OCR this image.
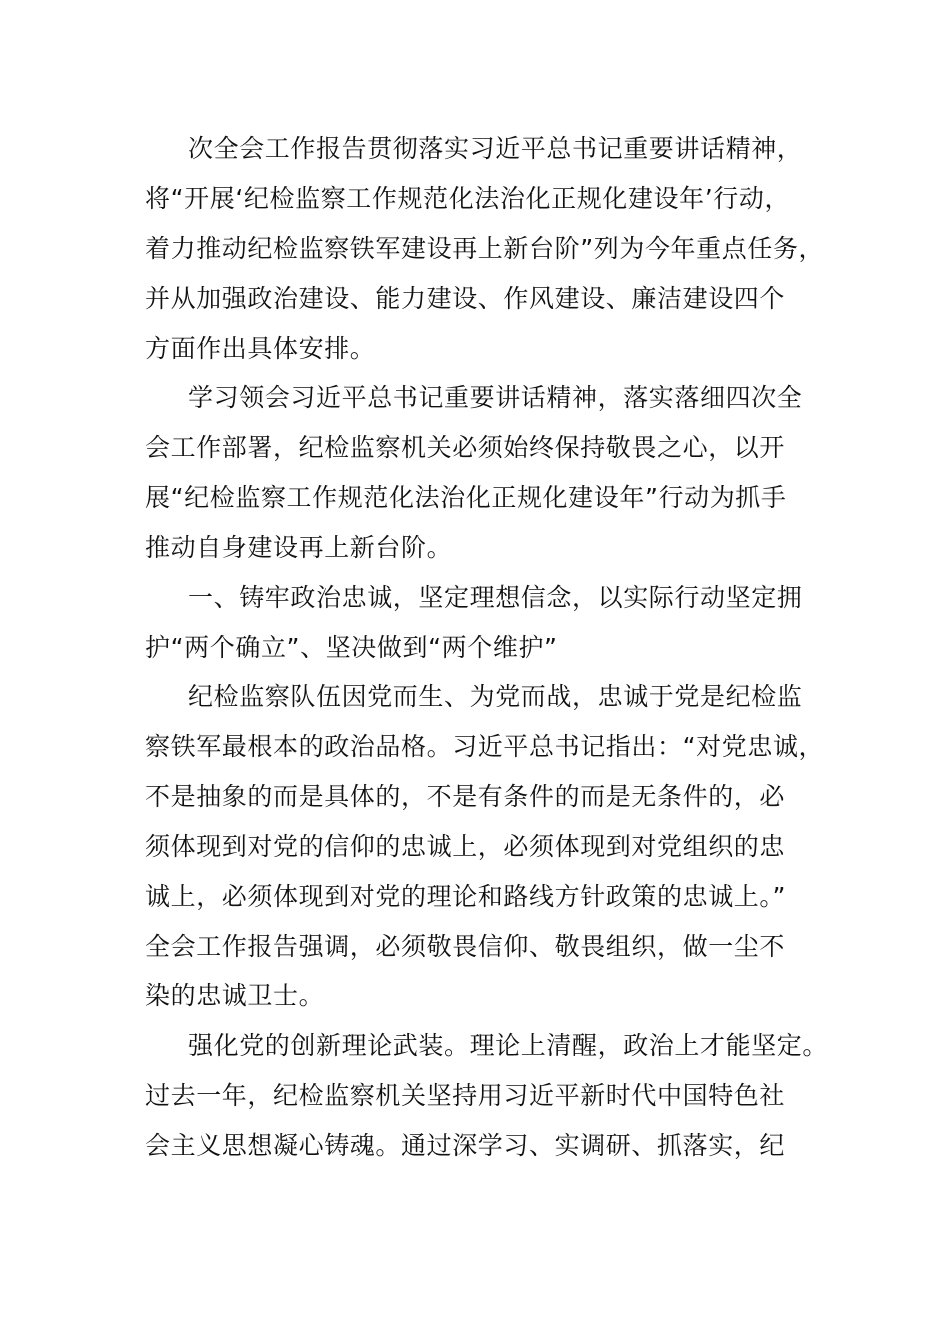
次全会工作报告贯彻落实习近平总书记重要讲话精神，
将“开展‘纪检监察工作规范化法治化正规化建设年’行动，
着力推动纪检监察铁军建设再上新台阶”列为今年重点任务，
并从加强政治建设、能力建设、作风建设、廉洁建设四个
方面作出具体安排。
学习领会习近平总书记重要讲话精神，落实落细四次全
会工作部署，纪检监察机关必须始终保持敬畏之心，以开
展“纪检监察工作规范化法治化正规化建设年”行动为抓手
推动自身建设再上新台阶。
一、铸牢政治忠诚，坚定理想信念，以实际行动坚定拥
护“两个确立”、坚决做到“两个维护”
纪检监察队伍因党而生、为党而战，忠诚于党是纪检监
察铁军最根本的政治品格。习近平总书记指出：“对党忠诚，
不是抽象的而是具体的，不是有条件的而是无条件的，必
须体现到对党的信仰的忠诚上，必须体现到对党组织的忠
诚上，必须体现到对党的理论和路线方针政策的忠诚上。”
全会工作报告强调，必须敬畏信仰、敬畏组织，做一尘不
染的忠诚卫士。
强化党的创新理论武装。理论上清醒，政治上才能坚定。
过去一年，纪检监察机关坚持用习近平新时代中国特色社
会主义思想凝心铸魂。通过深学习、实调研、抓落实，纪
